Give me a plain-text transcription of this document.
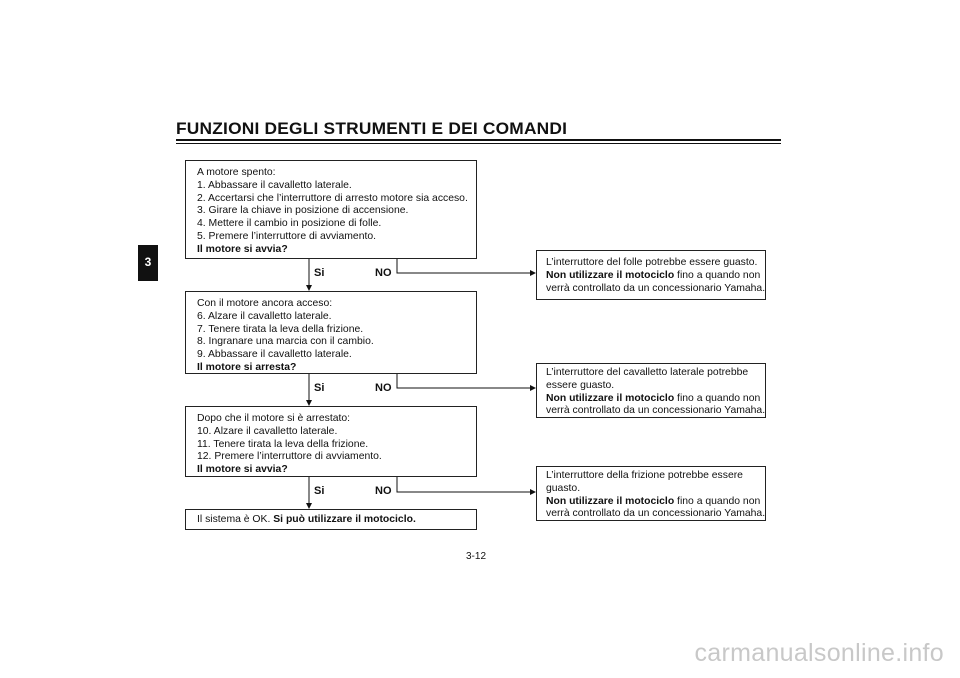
FUNZIONI DEGLI STRUMENTI E DEI COMANDI
3
A motore spento:
1. Abbassare il cavalletto laterale.
2. Accertarsi che l’interruttore di arresto motore sia acceso.
3. Girare la chiave in posizione di accensione.
4. Mettere il cambio in posizione di folle.
5. Premere l’interruttore di avviamento.
Il motore si avvia?
Si	NO
Con il motore ancora acceso:
6. Alzare il cavalletto laterale.
7. Tenere tirata la leva della frizione.
8. Ingranare una marcia con il cambio.
9. Abbassare il cavalletto laterale.
Il motore si arresta?
Si	NO
Dopo che il motore si è arrestato:
10. Alzare il cavalletto laterale.
11. Tenere tirata la leva della frizione.
12. Premere l’interruttore di avviamento.
Il motore si avvia?
Si	NO
Il sistema è OK. Si può utilizzare il motociclo.
L’interruttore del folle potrebbe essere guasto.
Non utilizzare il motociclo fino a quando non
verrà controllato da un concessionario Yamaha.
L’interruttore del cavalletto laterale potrebbe
essere guasto.
Non utilizzare il motociclo fino a quando non
verrà controllato da un concessionario Yamaha.
L’interruttore della frizione potrebbe essere
guasto.
Non utilizzare il motociclo fino a quando non
verrà controllato da un concessionario Yamaha.
3-12
carmanualsonline.info
